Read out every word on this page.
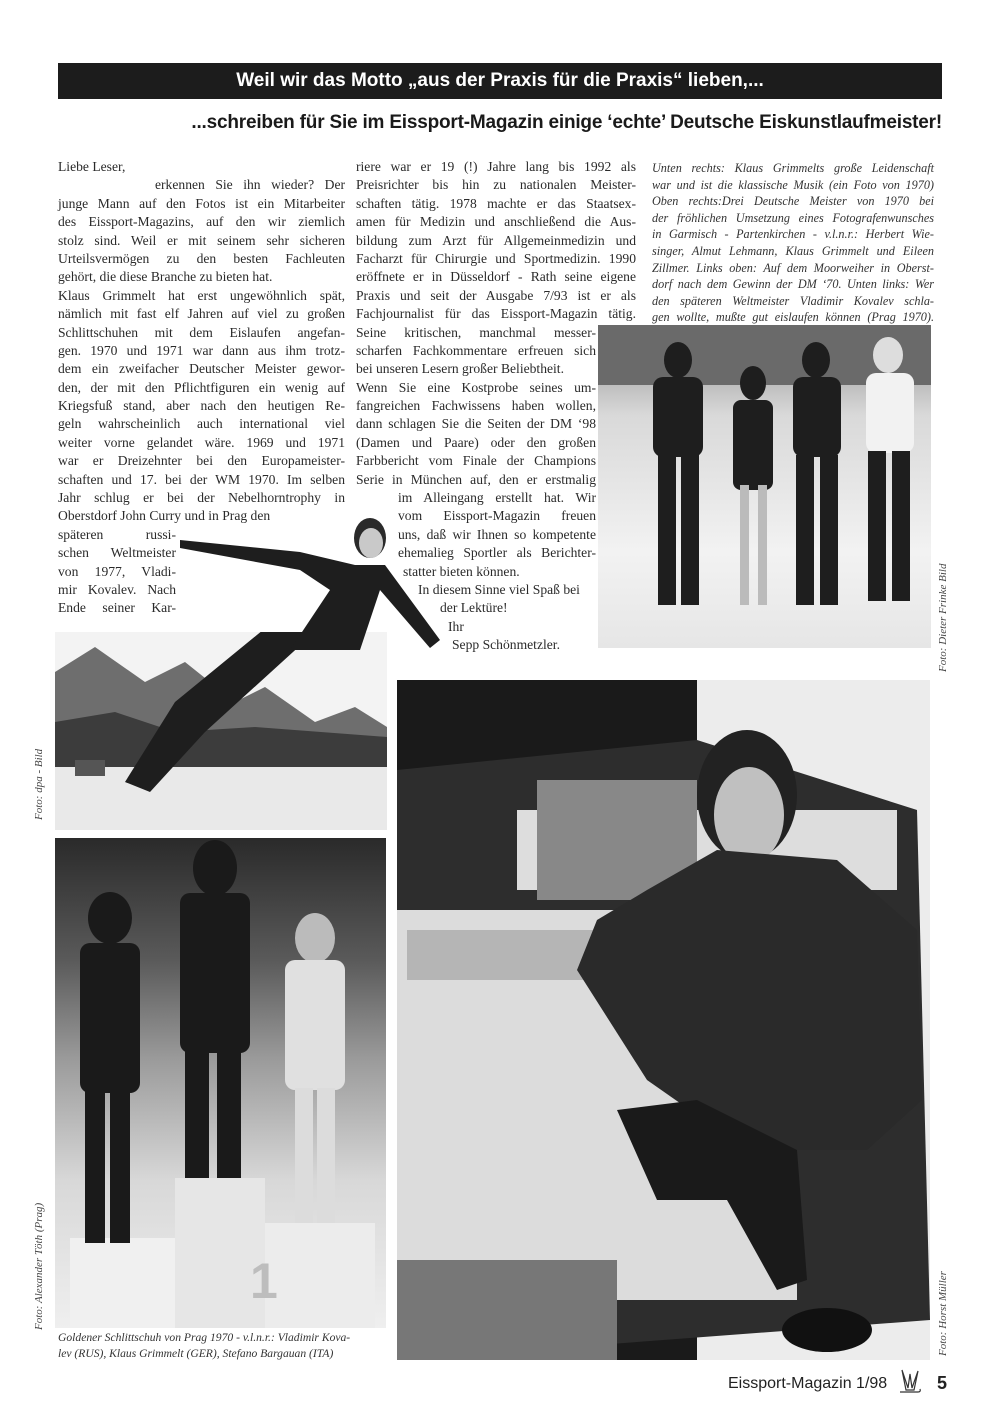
Weil wir das Motto „aus der Praxis für die Praxis“ lieben,...
...schreiben für Sie im Eissport-Magazin einige ‘echte’ Deutsche Eiskunstlaufmeister!
Foto: Dieter Frinke Bild
Foto: dpa - Bild
1
Foto: Alexander Töth (Prag)
Goldener Schlittschuh von Prag 1970 - v.l.n.r.: Vladimir Kova-
lev (RUS), Klaus Grimmelt (GER), Stefano Bargauan (ITA)	Foto: Horst Müller
Liebe Leser,
erkennen Sie ihn wieder? Der
junge Mann auf den Fotos ist ein Mitarbeiter
des Eissport-Magazins, auf den wir ziemlich
stolz sind. Weil er mit seinem sehr sicheren
Urteilsvermögen zu den besten Fachleuten
gehört, die diese Branche zu bieten hat.
Klaus Grimmelt hat erst ungewöhnlich spät,
nämlich mit fast elf Jahren auf viel zu großen
Schlittschuhen mit dem Eislaufen angefan-
gen. 1970 und 1971 war dann aus ihm trotz-
dem ein zweifacher Deutscher Meister gewor-
den, der mit den Pflichtfiguren ein wenig auf
Kriegsfuß stand, aber nach den heutigen Re-
geln wahrscheinlich auch international viel
weiter vorne gelandet wäre. 1969 und 1971
war er Dreizehnter bei den Europameister-
schaften und 17. bei der WM 1970. Im selben
Jahr schlug er bei der Nebelhorntrophy in
Oberstdorf John Curry und in Prag den
späteren russi-
schen Weltmeister
von 1977, Vladi-
mir Kovalev. Nach
Ende seiner Kar-
riere war er 19 (!) Jahre lang bis 1992 als
Preisrichter bis hin zu nationalen Meister-
schaften tätig. 1978 machte er das Staatsex-
amen für Medizin und anschließend die Aus-
bildung zum Arzt für Allgemeinmedizin und
Facharzt für Chirurgie und Sportmedizin. 1990
eröffnete er in Düsseldorf - Rath seine eigene
Praxis und seit der Ausgabe 7/93 ist er als
Fachjournalist für das Eissport-Magazin tätig.
Seine kritischen, manchmal messer-
scharfen Fachkommentare erfreuen sich
bei unseren Lesern großer Beliebtheit.
Wenn Sie eine Kostprobe seines um-
fangreichen Fachwissens haben wollen,
dann schlagen Sie die Seiten der DM ‘98
(Damen und Paare) oder den großen
Farbbericht vom Finale der Champions
Serie in München auf, den er erstmalig
im Alleingang erstellt hat. Wir
vom Eissport-Magazin freuen
uns, daß wir Ihnen so kompetente
ehemalieg Sportler als Berichter-
statter bieten können.
In diesem Sinne viel Spaß bei
der Lektüre!
Ihr
Sepp Schönmetzler.
Unten rechts: Klaus Grimmelts große Leidenschaft
war und ist die klassische Musik (ein Foto von 1970)
Oben rechts:Drei Deutsche Meister von 1970 bei
der fröhlichen Umsetzung eines Fotografenwunsches
in Garmisch - Partenkirchen - v.l.n.r.: Herbert Wie-
singer, Almut Lehmann, Klaus Grimmelt und Eileen
Zillmer. Links oben: Auf dem Moorweiher in Oberst-
dorf nach dem Gewinn der DM ‘70. Unten links: Wer
den späteren Weltmeister Vladimir Kovalev schla-
gen wollte, mußte gut eislaufen können (Prag 1970).
Eissport-Magazin 1/98	5
